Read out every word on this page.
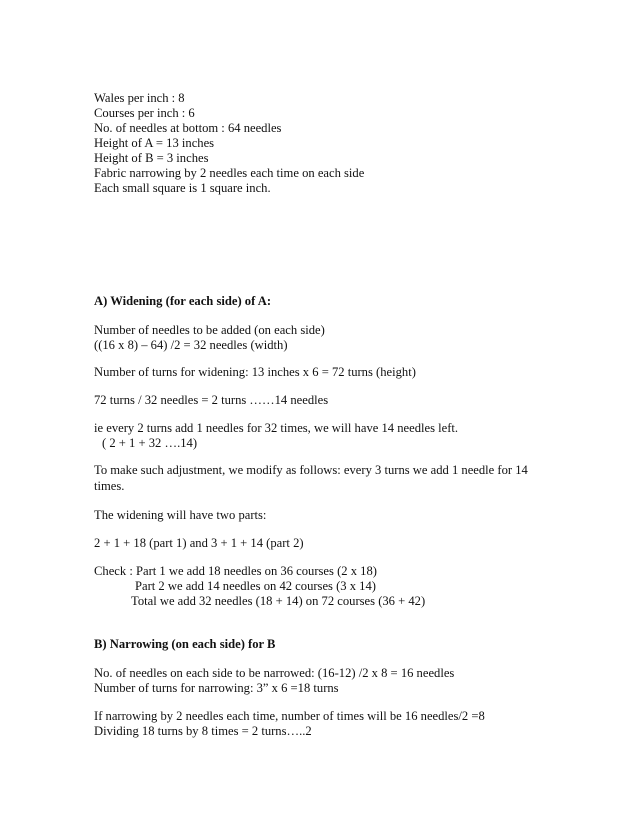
Wales per inch : 8
Courses per inch : 6
No. of needles at bottom : 64 needles
Height of A = 13 inches
Height of B = 3 inches
Fabric narrowing by 2 needles each time on each side
Each small square is 1 square inch.
A) Widening (for each side) of A:
Number of needles to be added (on each side)
((16 x 8) – 64) /2 = 32 needles (width)
Number of turns for widening: 13 inches x 6 = 72 turns (height)
72 turns / 32 needles = 2 turns ……14 needles
ie every 2 turns add 1 needles for 32 times, we will have 14 needles left.
( 2 + 1 + 32 ….14)
To make such adjustment, we modify as follows: every 3 turns we add 1 needle for 14 times.
The widening will have two parts:
2 + 1 + 18 (part 1) and 3 + 1 + 14 (part 2)
Check : Part 1 we add 18 needles on 36 courses (2 x 18)
Part 2 we add 14 needles on 42 courses (3 x 14)
Total we add 32 needles (18 + 14) on 72 courses (36 + 42)
B) Narrowing (on each side) for B
No. of needles on each side to be narrowed: (16-12) /2 x 8 = 16 needles
Number of turns for narrowing: 3” x 6 =18 turns
If narrowing by 2 needles each time, number of times will be 16 needles/2 =8
Dividing 18 turns by 8 times = 2 turns…..2
